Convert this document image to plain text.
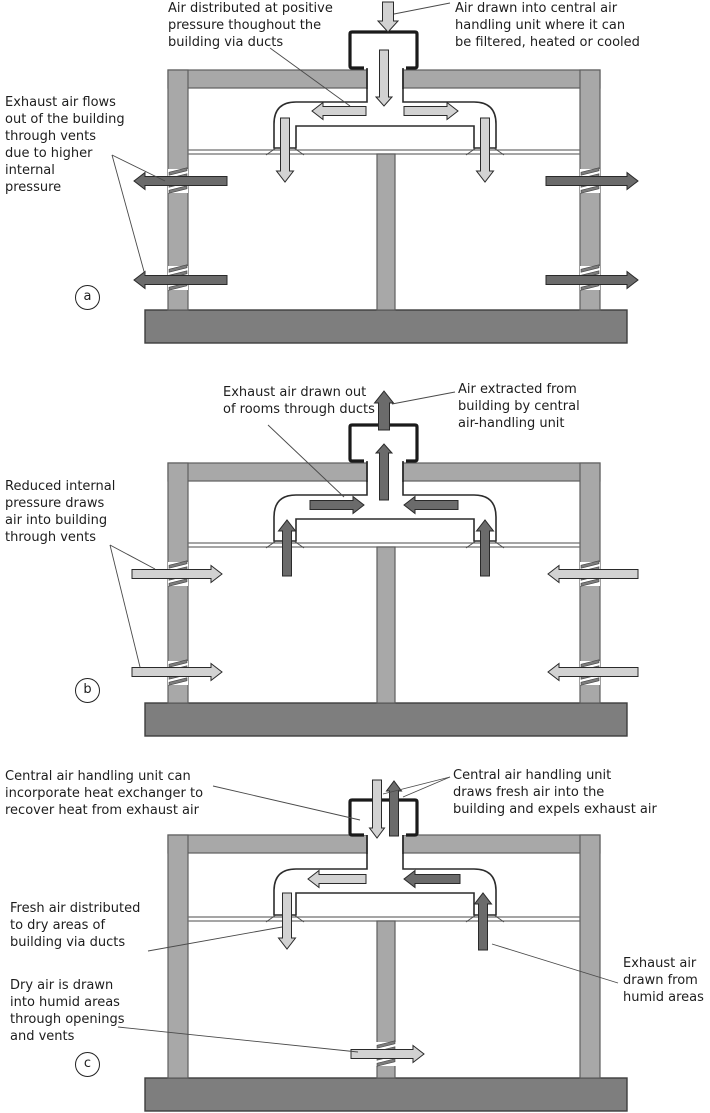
Air distributed at positive
pressure thoughout the
building via ducts
Air drawn into central air
handling unit where it can
be filtered, heated or cooled
Exhaust air flows
out of the building
through vents
due to higher
internal
pressure
a
Exhaust air drawn out
of rooms through ducts
Air extracted from
building by central
air-handling unit
Reduced internal
pressure draws
air into building
through vents
b
Central air handling unit can
incorporate heat exchanger to
recover heat from exhaust air
Central air handling unit
draws fresh air into the
building and expels exhaust air
Fresh air distributed
to dry areas of
building via ducts
Dry air is drawn
into humid areas
through openings
and vents
Exhaust air
drawn from
humid areas
c
